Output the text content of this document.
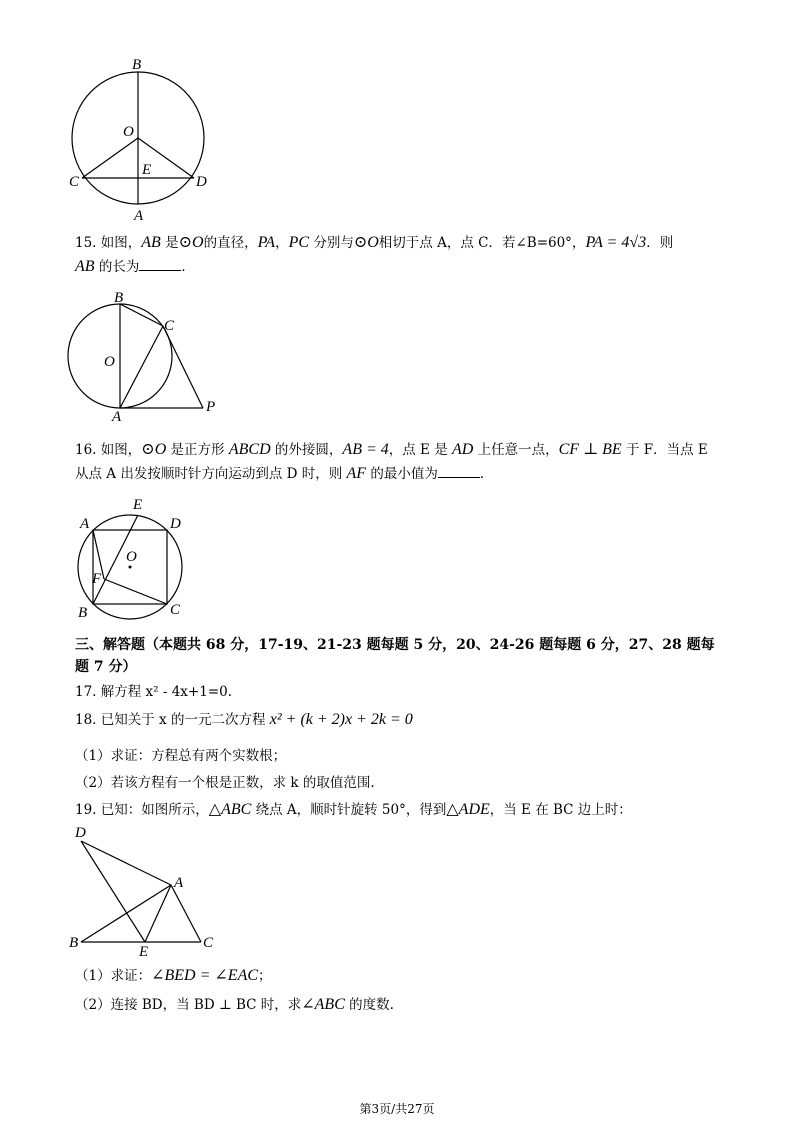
B
O
E
C	D
A
15. 如图，AB 是⊙O的直径，PA，PC 分别与⊙O相切于点 A，点 C．若∠B=60°，PA = 4√3．则
AB 的长为	．
B
C
O
A
P
16. 如图，⊙O 是正方形 ABCD 的外接圆，AB = 4，点 E 是 AD 上任意一点，CF ⊥ BE 于 F．当点 E
从点 A 出发按顺时针方向运动到点 D 时，则 AF 的最小值为	．
A
E
D
O
F
B	C
三、解答题（本题共 68 分，17-19、21-23 题每题 5 分，20、24-26 题每题 6 分，27、28 题每题 7 分）
17. 解方程 x² - 4x+1=0.
18. 已知关于 x 的一元二次方程 x² + (k + 2)x + 2k = 0
（1）求证：方程总有两个实数根；
（2）若该方程有一个根是正数，求 k 的取值范围.
19. 已知：如图所示，△ABC 绕点 A，顺时针旋转 50°，得到△ADE，当 E 在 BC 边上时：
D
A
B
E
C
（1）求证：∠BED = ∠EAC；
（2）连接 BD，当 BD ⊥ BC 时，求∠ABC 的度数.
第3页/共27页
